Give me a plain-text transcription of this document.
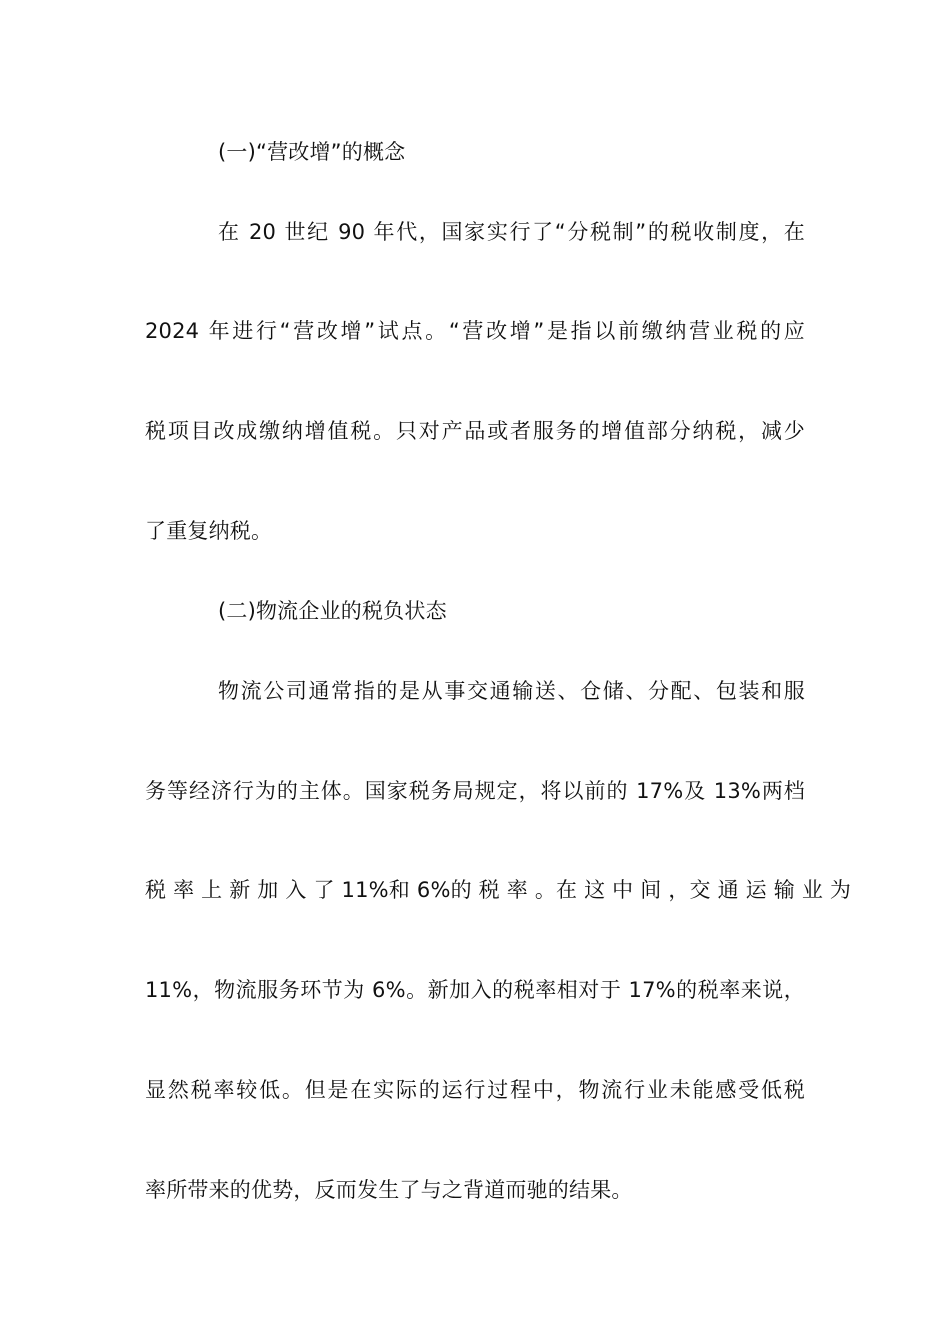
(一)“营改增”的概念
在 20 世纪 90 年代，国家实行了“分税制”的税收制度，在
2024 年进行“营改增”试点。“营改增”是指以前缴纳营业税的应
税项目改成缴纳增值税。只对产品或者服务的增值部分纳税，减少
了重复纳税。
(二)物流企业的税负状态
物流公司通常指的是从事交通输送、仓储、分配、包装和服
务等经济行为的主体。国家税务局规定，将以前的 17%及 13%两档
税 率 上 新 加 入 了 11%和 6%的 税 率 。在 这 中 间 ，交 通 运 输 业 为
11%，物流服务环节为 6%。新加入的税率相对于 17%的税率来说，
显然税率较低。但是在实际的运行过程中，物流行业未能感受低税
率所带来的优势，反而发生了与之背道而驰的结果。
